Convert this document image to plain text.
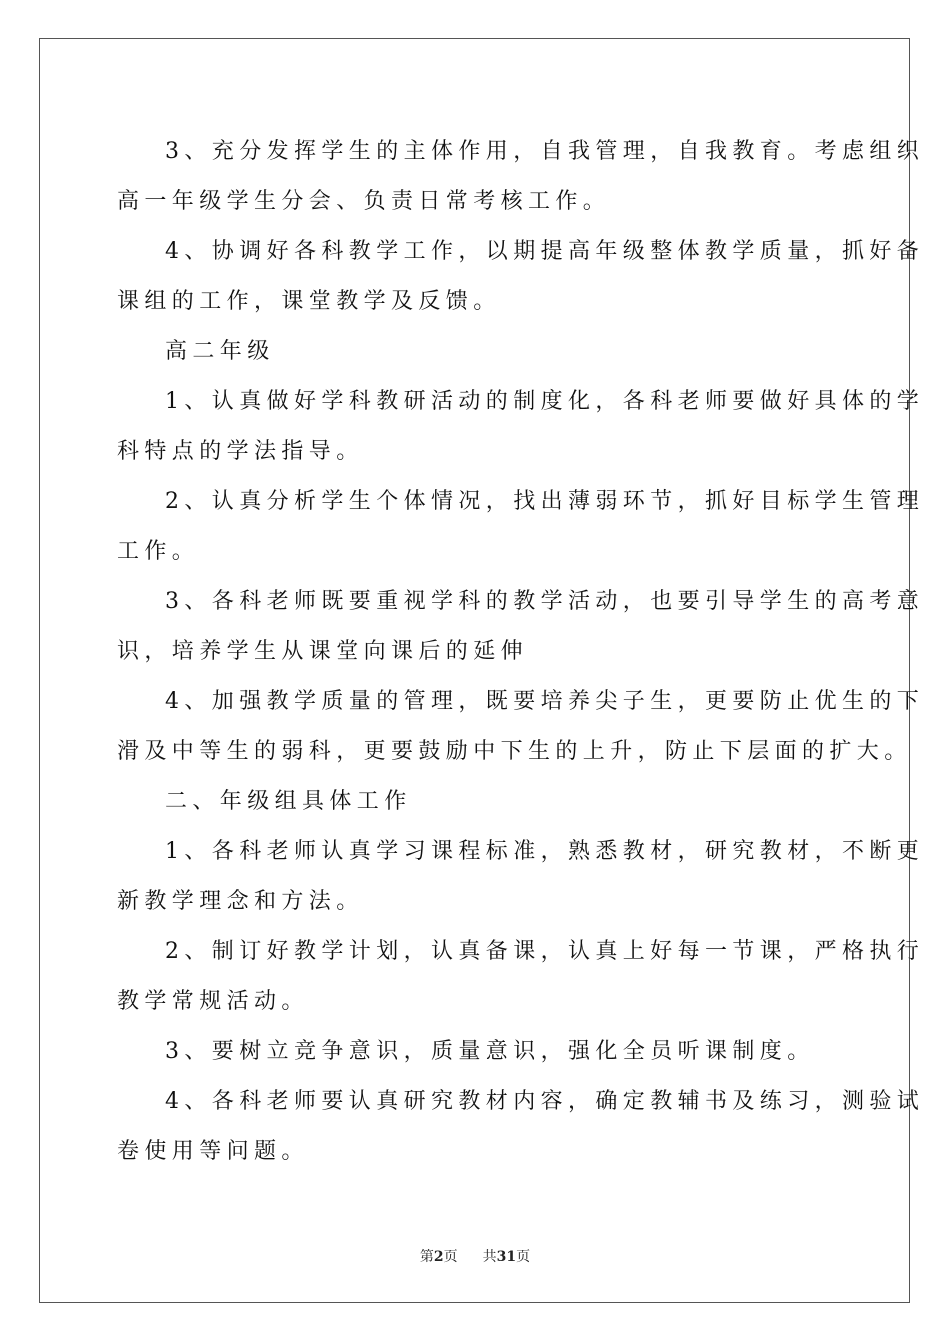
3、充分发挥学生的主体作用，自我管理，自我教育。考虑组织
高一年级学生分会、负责日常考核工作。

4、协调好各科教学工作，以期提高年级整体教学质量，抓好备
课组的工作，课堂教学及反馈。

高二年级

1、认真做好学科教研活动的制度化，各科老师要做好具体的学
科特点的学法指导。

2、认真分析学生个体情况，找出薄弱环节，抓好目标学生管理
工作。

3、各科老师既要重视学科的教学活动，也要引导学生的高考意
识，培养学生从课堂向课后的延伸

4、加强教学质量的管理，既要培养尖子生，更要防止优生的下
滑及中等生的弱科，更要鼓励中下生的上升，防止下层面的扩大。

二、年级组具体工作

1、各科老师认真学习课程标准，熟悉教材，研究教材，不断更
新教学理念和方法。

2、制订好教学计划，认真备课，认真上好每一节课，严格执行
教学常规活动。

3、要树立竞争意识，质量意识，强化全员听课制度。

4、各科老师要认真研究教材内容，确定教辅书及练习，测验试
卷使用等问题。

第2页 共31页
